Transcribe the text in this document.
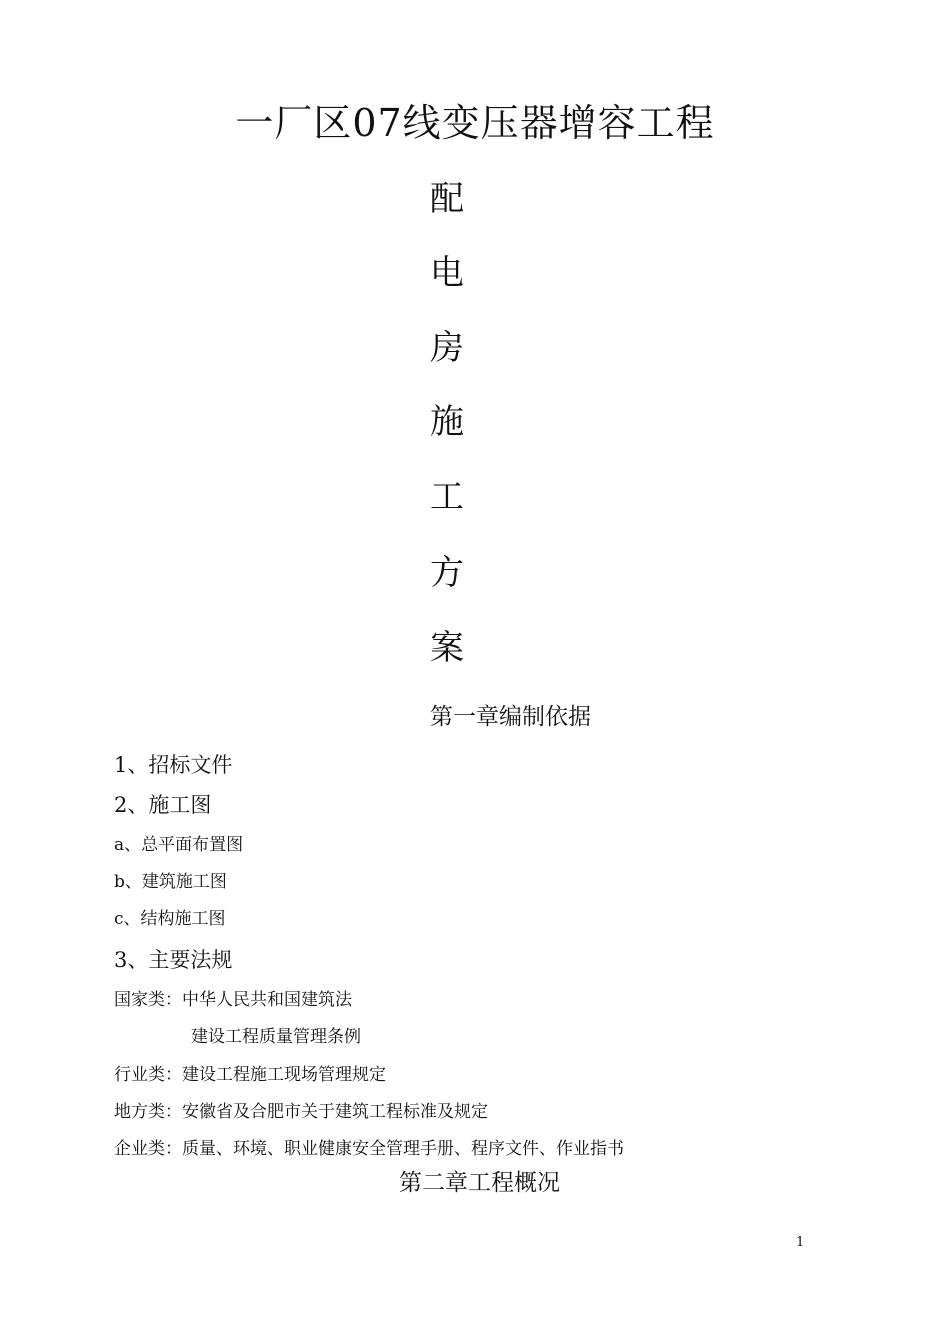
一厂区07线变压器增容工程
配
电
房
施
工
方
案
第一章编制依据
1、招标文件
2、施工图
a、总平面布置图
b、建筑施工图
c、结构施工图
3、主要法规
国家类：中华人民共和国建筑法
建设工程质量管理条例
行业类：建设工程施工现场管理规定
地方类：安徽省及合肥市关于建筑工程标准及规定
企业类：质量、环境、职业健康安全管理手册、程序文件、作业指书
第二章工程概况
1
